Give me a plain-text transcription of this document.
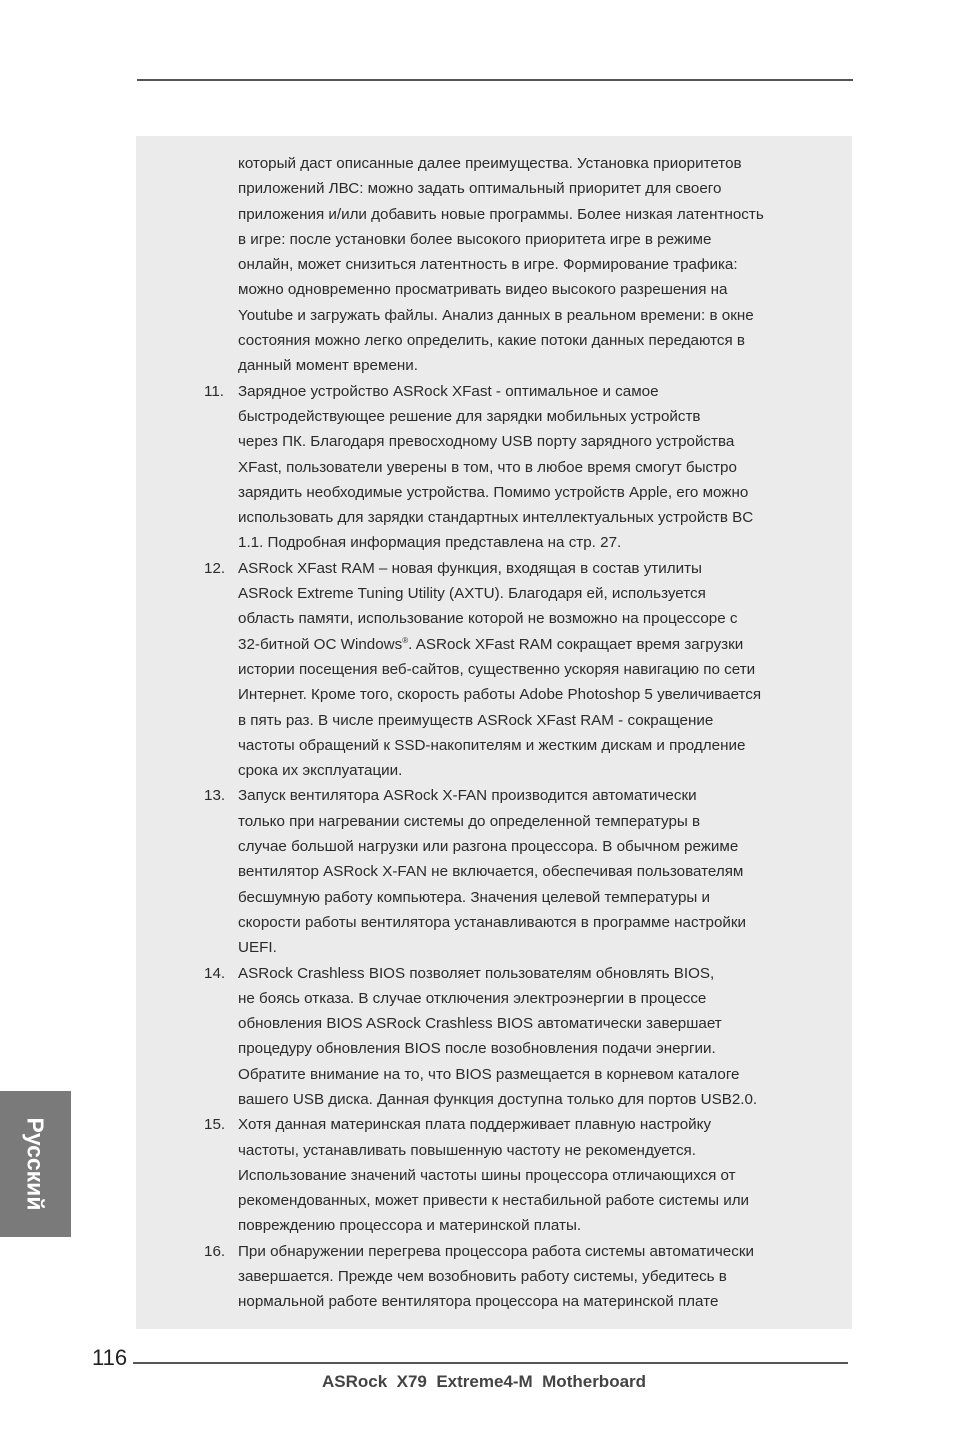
который даст описанные далее преимущества. Установка приоритетов

приложений ЛВС: можно задать оптимальный приоритет для своего

приложения и/или добавить новые программы. Более низкая латентность

в игре: после установки более высокого приоритета игре в режиме

онлайн, может снизиться латентность в игре. Формирование трафика:

можно одновременно просматривать видео высокого разрешения на

Youtube и загружать файлы. Анализ данных в реальном времени: в окне

состояния можно легко определить, какие потоки данных передаются в

данный момент времени.

11 . Зарядное устройство ASRock XFast - оптимальное и самое

быстродействующее решение для зарядки мобильных устройств

через ПК. Благодаря превосходному USB порту зарядного устройства

XFast, пользователи уверены в том, что в любое время смогут быстро

зарядить необходимые устройства. Помимо устройств Apple, его можно

использовать для зарядки стандартных интеллектуальных устройств BC

1.1. Подробная информация представлена на стр. 27.

12 . ASRock XFast RAM – новая функция, входящая в состав утилиты

ASRock Extreme Tuning Utility (AXTU). Благодаря ей, используется

область памяти, использование которой не возможно на процессоре с

32-битной ОС Windows®. ASRock XFast RAM сокращает время загрузки

истории посещения веб-сайтов, существенно ускоряя навигацию по сети

Интернет. Кроме того, скорость работы Adobe Photoshop 5 увеличивается

в пять раз. В числе преимуществ ASRock XFast RAM - сокращение

частоты обращений к SSD-накопителям и жестким дискам и продление

срока их эксплуатации.

13 . Запуск вентилятора ASRock X-FAN производится автоматически

только при нагревании системы до определенной температуры в

случае большой нагрузки или разгона процессора. В обычном режиме

вентилятор ASRock X-FAN не включается, обеспечивая пользователям

бесшумную работу компьютера. Значения целевой температуры и

скорости работы вентилятора устанавливаются в программе настройки

UEFI.

14 . ASRock Crashless BIOS позволяет пользователям обновлять BIOS,

не боясь отказа. В случае отключения электроэнергии в процессе

обновления BIOS ASRock Crashless BIOS автоматически завершает

процедуру обновления BIOS после возобновления подачи энергии.

Обратите внимание на то, что BIOS размещается в корневом каталоге

вашего USB диска. Данная функция доступна только для портов USB2.0.

15 . Хотя данная материнская плата поддерживает плавную настройку

частоты, устанавливать повышенную частоту не рекомендуется.

Использование значений частоты шины процессора отличающихся от

рекомендованных, может привести к нестабильной работе системы или

повреждению процессора и материнской платы.

16 . При обнаружении перегрева процессора работа системы автоматически

завершается. Прежде чем возобновить работу системы, убедитесь в

нормальной работе вентилятора процессора на материнской плате

Русский
116
ASRock  X79  Extreme4-M  Motherboard
